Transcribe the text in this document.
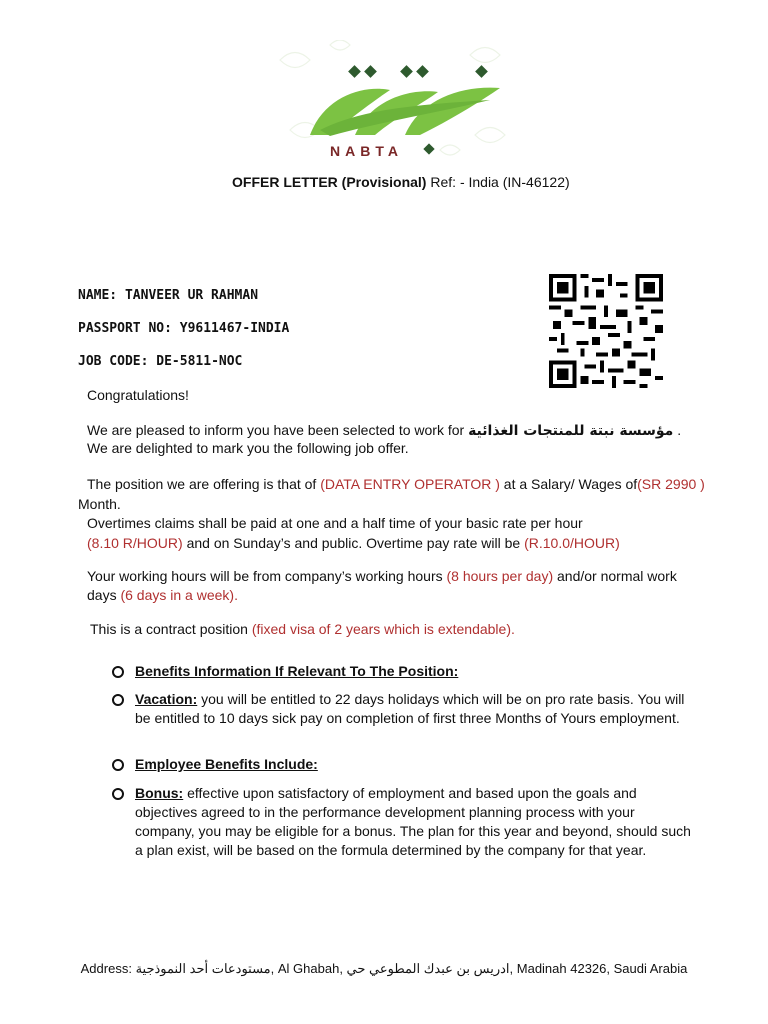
NABTA
OFFER LETTER (Provisional) Ref: - India (IN-46122)
NAME: TANVEER UR RAHMAN
PASSPORT NO: Y9611467-INDIA
JOB CODE: DE-5811-NOC
Congratulations!
We are pleased to inform you have been selected to work for مؤسسة نبتة للمنتجات الغذائية .
We are delighted to mark you the following job offer.
The position we are offering is that of (DATA ENTRY OPERATOR ) at a Salary/ Wages of(SR 2990 )
Month.
Overtimes claims shall be paid at one and a half time of your basic rate per hour
(8.10 R/HOUR) and on Sunday’s and public. Overtime pay rate will be (R.10.0/HOUR)
Your working hours will be from company’s working hours (8 hours per day) and/or normal work
days (6 days in a week).
This is a contract position (fixed visa of 2 years which is extendable).
Benefits Information If Relevant To The Position:
Vacation: you will be entitled to 22 days holidays which will be on pro rate basis. You will be entitled to 10 days sick pay on completion of first three Months of Yours employment.
Employee Benefits Include:
Bonus: effective upon satisfactory of employment and based upon the goals and objectives agreed to in the performance development planning process with your company, you may be eligible for a bonus. The plan for this year and beyond, should such a plan exist, will be based on the formula determined by the company for that year.
Address: مستودعات أحد النموذجية, Al Ghabah, ادريس بن عبدك المطوعي حي, Madinah 42326, Saudi Arabia
